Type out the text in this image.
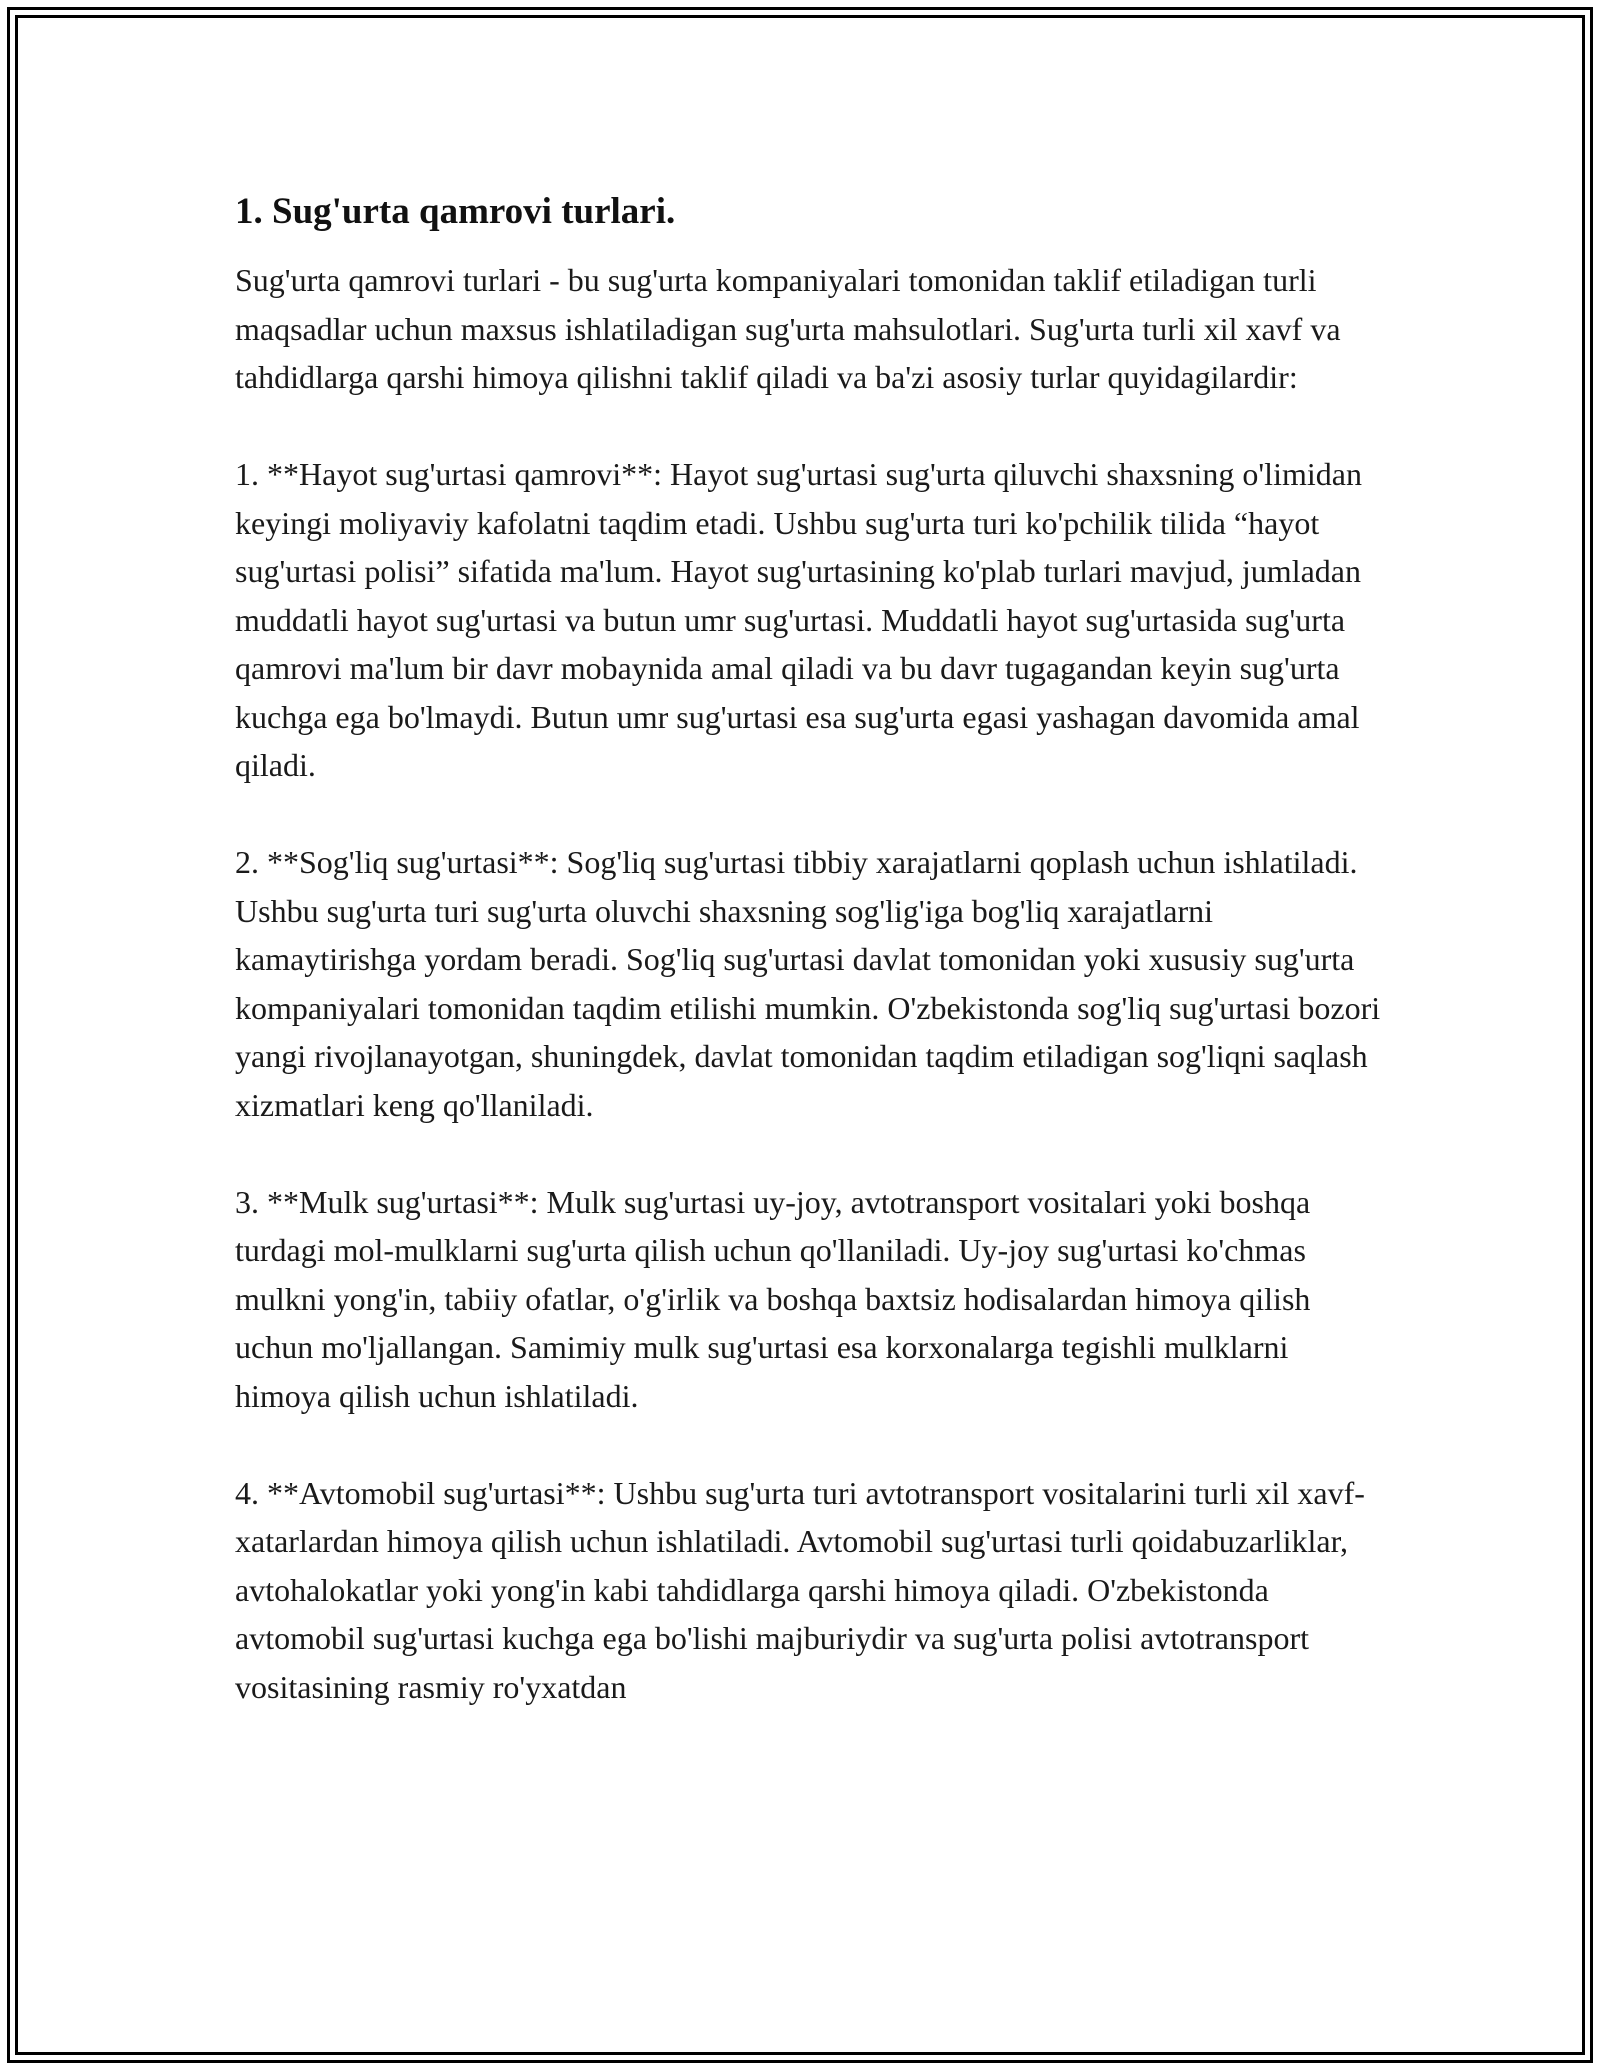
1. Sug'urta qamrovi turlari.

Sug'urta qamrovi turlari - bu sug'urta kompaniyalari tomonidan taklif etiladigan turli maqsadlar uchun maxsus ishlatiladigan sug'urta mahsulotlari. Sug'urta turli xil xavf va tahdidlarga qarshi himoya qilishni taklif qiladi va ba'zi asosiy turlar quyidagilardir:

1. **Hayot sug'urtasi qamrovi**: Hayot sug'urtasi sug'urta qiluvchi shaxsning o'limidan keyingi moliyaviy kafolatni taqdim etadi. Ushbu sug'urta turi ko'pchilik tilida “hayot sug'urtasi polisi” sifatida ma'lum. Hayot sug'urtasining ko'plab turlari mavjud, jumladan muddatli hayot sug'urtasi va butun umr sug'urtasi. Muddatli hayot sug'urtasida sug'urta qamrovi ma'lum bir davr mobaynida amal qiladi va bu davr tugagandan keyin sug'urta kuchga ega bo'lmaydi. Butun umr sug'urtasi esa sug'urta egasi yashagan davomida amal qiladi.

2. **Sog'liq sug'urtasi**: Sog'liq sug'urtasi tibbiy xarajatlarni qoplash uchun ishlatiladi. Ushbu sug'urta turi sug'urta oluvchi shaxsning sog'lig'iga bog'liq xarajatlarni kamaytirishga yordam beradi. Sog'liq sug'urtasi davlat tomonidan yoki xususiy sug'urta kompaniyalari tomonidan taqdim etilishi mumkin. O'zbekistonda sog'liq sug'urtasi bozori yangi rivojlanayotgan, shuningdek, davlat tomonidan taqdim etiladigan sog'liqni saqlash xizmatlari keng qo'llaniladi.

3. **Mulk sug'urtasi**: Mulk sug'urtasi uy-joy, avtotransport vositalari yoki boshqa turdagi mol-mulklarni sug'urta qilish uchun qo'llaniladi. Uy-joy sug'urtasi ko'chmas mulkni yong'in, tabiiy ofatlar, o'g'irlik va boshqa baxtsiz hodisalardan himoya qilish uchun mo'ljallangan. Samimiy mulk sug'urtasi esa korxonalarga tegishli mulklarni himoya qilish uchun ishlatiladi.

4. **Avtomobil sug'urtasi**: Ushbu sug'urta turi avtotransport vositalarini turli xil xavf-xatarlardan himoya qilish uchun ishlatiladi. Avtomobil sug'urtasi turli qoidabuzarliklar, avtohalokatlar yoki yong'in kabi tahdidlarga qarshi himoya qiladi. O'zbekistonda avtomobil sug'urtasi kuchga ega bo'lishi majburiydir va sug'urta polisi avtotransport vositasining rasmiy ro'yxatdan
